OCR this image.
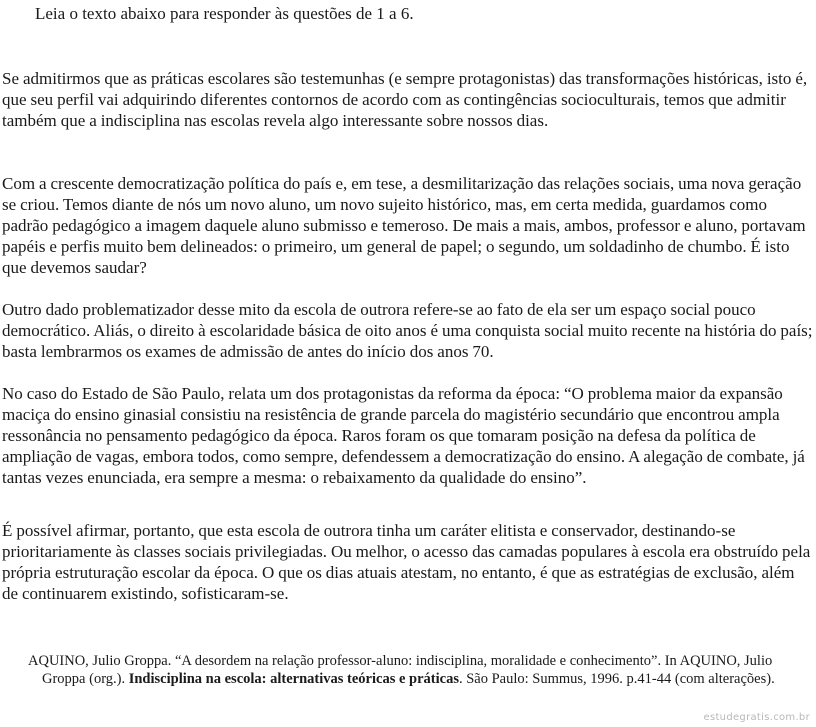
Leia o texto abaixo para responder às questões de 1 a 6.

Se admitirmos que as práticas escolares são testemunhas (e sempre protagonistas) das transformações históricas, isto é, que seu perfil vai adquirindo diferentes contornos de acordo com as contingências socioculturais, temos que admitir também que a indisciplina nas escolas revela algo interessante sobre nossos dias.

Com a crescente democratização política do país e, em tese, a desmilitarização das relações sociais, uma nova geração se criou. Temos diante de nós um novo aluno, um novo sujeito histórico, mas, em certa medida, guardamos como padrão pedagógico a imagem daquele aluno submisso e temeroso. De mais a mais, ambos, professor e aluno, portavam papéis e perfis muito bem delineados: o primeiro, um general de papel; o segundo, um soldadinho de chumbo. É isto que devemos saudar?

Outro dado problematizador desse mito da escola de outrora refere-se ao fato de ela ser um espaço social pouco democrático. Aliás, o direito à escolaridade básica de oito anos é uma conquista social muito recente na história do país; basta lembrarmos os exames de admissão de antes do início dos anos 70.

No caso do Estado de São Paulo, relata um dos protagonistas da reforma da época: “O problema maior da expansão maciça do ensino ginasial consistiu na resistência de grande parcela do magistério secundário que encontrou ampla ressonância no pensamento pedagógico da época. Raros foram os que tomaram posição na defesa da política de ampliação de vagas, embora todos, como sempre, defendessem a democratização do ensino. A alegação de combate, já tantas vezes enunciada, era sempre a mesma: o rebaixamento da qualidade do ensino”.

É possível afirmar, portanto, que esta escola de outrora tinha um caráter elitista e conservador, destinando-se prioritariamente às classes sociais privilegiadas. Ou melhor, o acesso das camadas populares à escola era obstruído pela própria estruturação escolar da época. O que os dias atuais atestam, no entanto, é que as estratégias de exclusão, além de continuarem existindo, sofisticaram-se.

AQUINO, Julio Groppa. “A desordem na relação professor-aluno: indisciplina, moralidade e conhecimento”. In AQUINO, Julio
Groppa (org.). Indisciplina na escola: alternativas teóricas e práticas. São Paulo: Summus, 1996. p.41-44 (com alterações).

estudegratis.com.br
